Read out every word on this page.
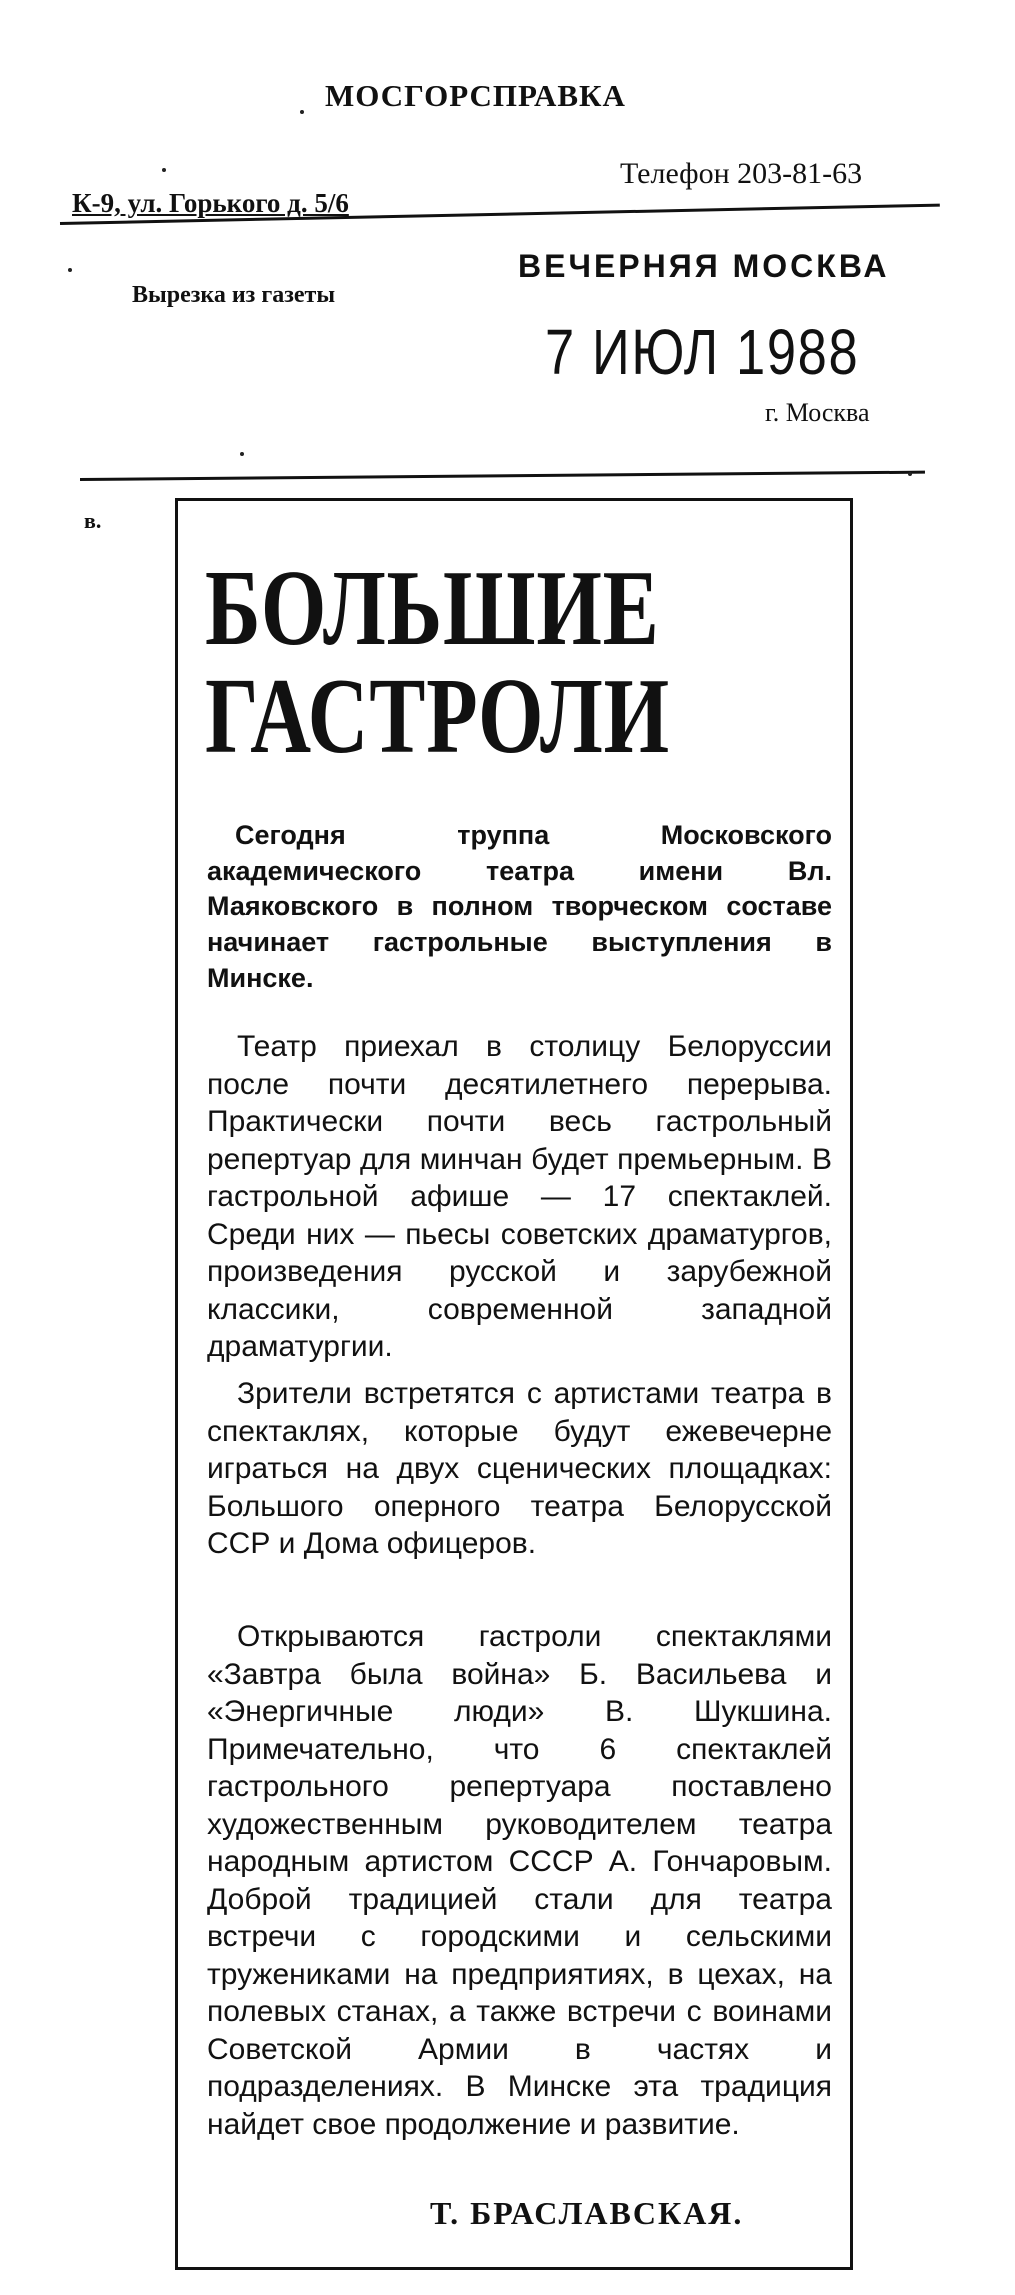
МОСГОРСПРАВКА
Телефон 203-81-63
К-9, ул. Горького д. 5/6
Вырезка из газеты
ВЕЧЕРНЯЯ МОСКВА
7 ИЮЛ 1988
г. Москва
в.
БОЛЬШИЕ
ГАСТРОЛИ
Сегодня труппа Московского академического театра имени Вл. Маяковского в полном творческом составе начинает гастрольные выступления в Минске.
Театр приехал в столицу Белоруссии после почти десятилетнего перерыва. Практически почти весь гастрольный репертуар для минчан будет премьерным. В гастрольной афише — 17 спектаклей. Среди них — пьесы советских драматургов, произведения русской и зарубежной классики, современной западной драматургии.
Зрители встретятся с артистами театра в спектаклях, которые будут ежевечерне играться на двух сценических площадках: Большого оперного театра Белорусской ССР и Дома офицеров.
Открываются гастроли спектаклями «Завтра была война» Б. Васильева и «Энергичные люди» В. Шукшина. Примечательно, что 6 спектаклей гастрольного репертуара поставлено художественным руководителем театра народным артистом СССР А. Гончаровым. Доброй традицией стали для театра встречи с городскими и сельскими тружениками на предприятиях, в цехах, на полевых станах, а также встречи с воинами Советской Армии в частях и подразделениях. В Минске эта традиция найдет свое продолжение и развитие.
Т. БРАСЛАВСКАЯ.
